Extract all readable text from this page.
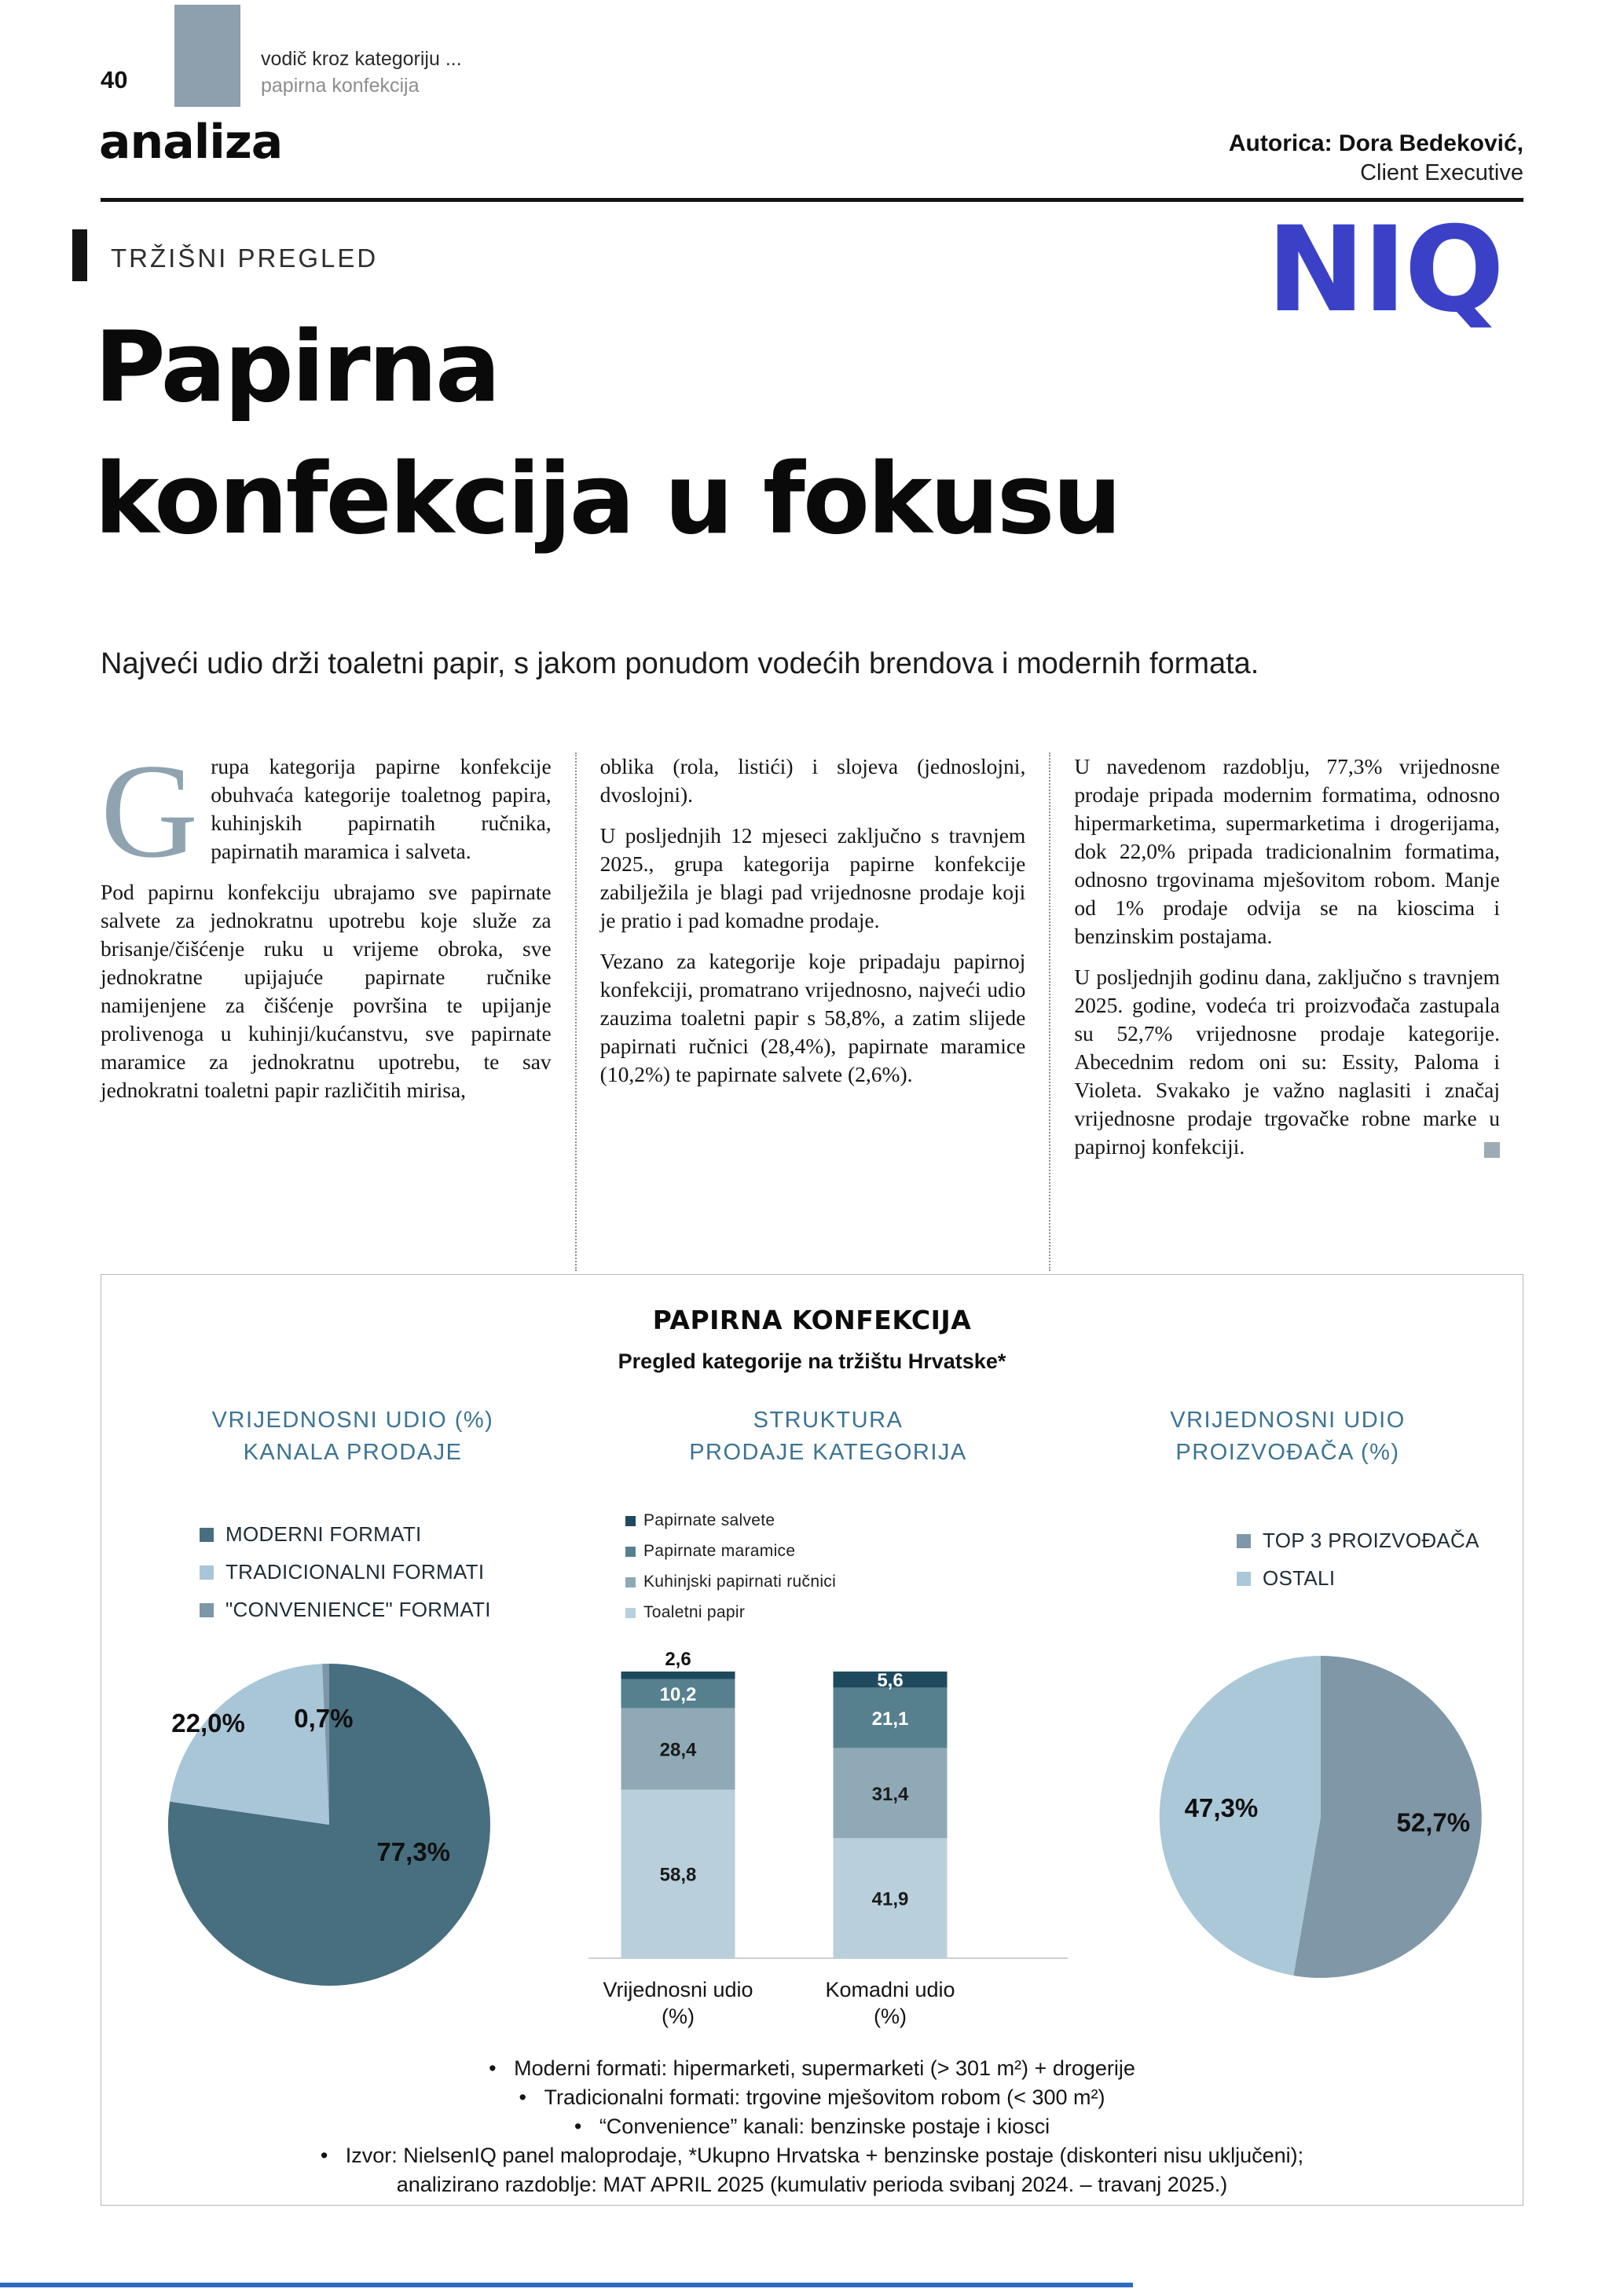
40
vodič kroz kategoriju ...
papirna konfekcija
analiza	Autorica: Dora Bedeković,
Client Executive
TRŽIŠNI PREGLED	NIQ
Papirna
konfekcija u fokusu
Najveći udio drži toaletni papir, s jakom ponudom vodećih brendova i modernih formata.

Grupa kategorija papirne konfekcije obuhvaća kategorije toaletnog papira, kuhinjskih papirnatih ručnika, papirnatih maramica i salveta.

Pod papirnu konfekciju ubrajamo sve papirnate salvete za jednokratnu upotrebu koje služe za brisanje/čišćenje ruku u vrijeme obroka, sve jednokratne upijajuće papirnate ručnike namijenjene za čišćenje površina te upijanje prolivenoga u kuhinji/kućanstvu, sve papirnate maramice za jednokratnu upotrebu, te sav jednokratni toaletni papir različitih mirisa,

oblika (rola, listići) i slojeva (jednoslojni, dvoslojni).

U posljednjih 12 mjeseci zaključno s travnjem 2025., grupa kategorija papirne konfekcije zabilježila je blagi pad vrijednosne prodaje koji je pratio i pad komadne prodaje.

Vezano za kategorije koje pripadaju papirnoj konfekciji, promatrano vrijednosno, najveći udio zauzima toaletni papir s 58,8%, a zatim slijede papirnati ručnici (28,4%), papirnate maramice (10,2%) te papirnate salvete (2,6%).

U navedenom razdoblju, 77,3% vrijednosne prodaje pripada modernim formatima, odnosno hipermarketima, supermarketima i drogerijama, dok 22,0% pripada tradicionalnim formatima, odnosno trgovinama mješovitom robom. Manje od 1% prodaje odvija se na kioscima i benzinskim postajama.

U posljednjih godinu dana, zaključno s travnjem 2025. godine, vodeća tri proizvođača zastupala su 52,7% vrijednosne prodaje kategorije. Abecednim redom oni su: Essity, Paloma i Violeta. Svakako je važno naglasiti i značaj vrijednosne prodaje trgovačke robne marke u papirnoj konfekciji.

PAPIRNA KONFEKCIJA
Pregled kategorije na tržištu Hrvatske*
VRIJEDNOSNI UDIO (%)
KANALA PRODAJE
MODERNI FORMATI
TRADICIONALNI FORMATI
"CONVENIENCE" FORMATI
77,3%
22,0% 0,7%
STRUKTURA
PRODAJE KATEGORIJA
Papirnate salvete
Papirnate maramice
Kuhinjski papirnati ručnici
Toaletni papir
58,8
28,4
10,2
2,6
41,9
31,4
21,1
5,6
Vrijednosni udio (%)
Komadni udio (%)
VRIJEDNOSNI UDIO
PROIZVOĐAČA (%)
TOP 3 PROIZVOĐAČA
OSTALI
52,7%
47,3%
•   Moderni formati: hipermarketi, supermarketi (> 301 m²) + drogerije
•   Tradicionalni formati: trgovine mješovitom robom (< 300 m²)
•   “Convenience” kanali: benzinske postaje i kiosci
•   Izvor: NielsenIQ panel maloprodaje, *Ukupno Hrvatska + benzinske postaje (diskonteri nisu uključeni);
analizirano razdoblje: MAT APRIL 2025 (kumulativ perioda svibanj 2024. – travanj 2025.)
